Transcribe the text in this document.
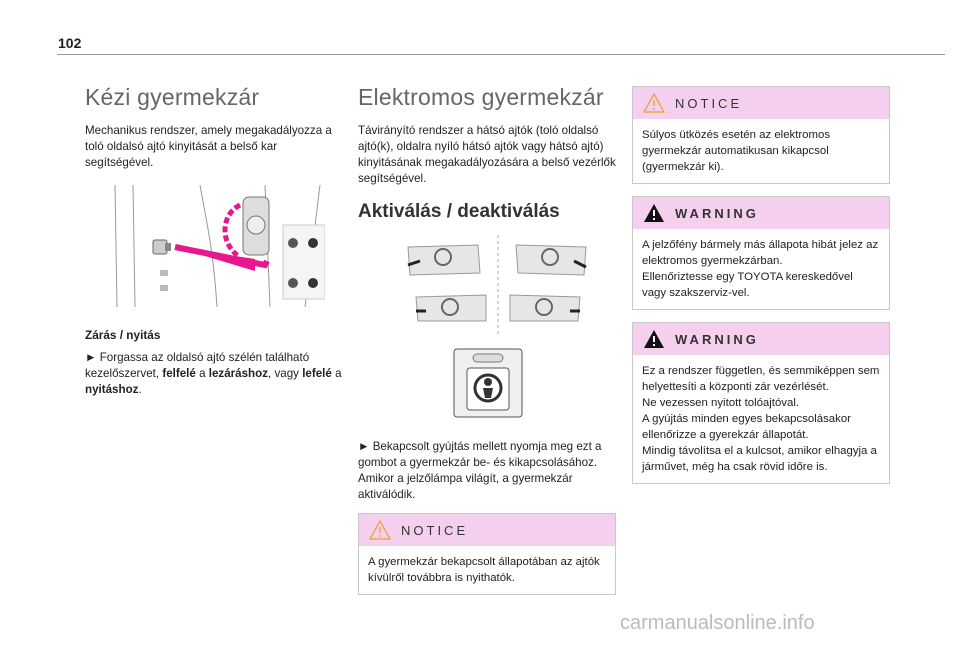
102
Kézi gyermekzár

Mechanikus rendszer, amely megakadályozza a toló oldalsó ajtó kinyitását a belső kar segítségével.

Zárás / nyitás

► Forgassa az oldalsó ajtó szélén található kezelőszervet, felfelé a lezáráshoz, vagy lefelé a nyitáshoz.

Elektromos gyermekzár

Távirányító rendszer a hátsó ajtók (toló oldalsó ajtó(k), oldalra nyíló hátsó ajtók vagy hátsó ajtó) kinyitásának megakadályozására a belső vezérlők segítségével.

Aktiválás / deaktiválás

► Bekapcsolt gyújtás mellett nyomja meg ezt a gombot a gyermekzár be- és kikapcsolásához. Amikor a jelzőlámpa világít, a gyermekzár aktiválódik.

NOTICE
A gyermekzár bekapcsolt állapotában az ajtók kívülről továbbra is nyithatók.
NOTICE
Súlyos ütközés esetén az elektromos gyermekzár automatikusan kikapcsol (gyermekzár ki).
WARNING
A jelzőfény bármely más állapota hibát jelez az elektromos gyermekzárban.
Ellenőriztesse egy TOYOTA kereskedővel vagy szakszerviz-vel.
WARNING
Ez a rendszer független, és semmiképpen sem helyettesíti a központi zár vezérlését.
Ne vezessen nyitott tolóajtóval.
A gyújtás minden egyes bekapcsolásakor ellenőrizze a gyerekzár állapotát.
Mindig távolítsa el a kulcsot, amikor elhagyja a járművet, még ha csak rövid időre is.
carmanualsonline.info
